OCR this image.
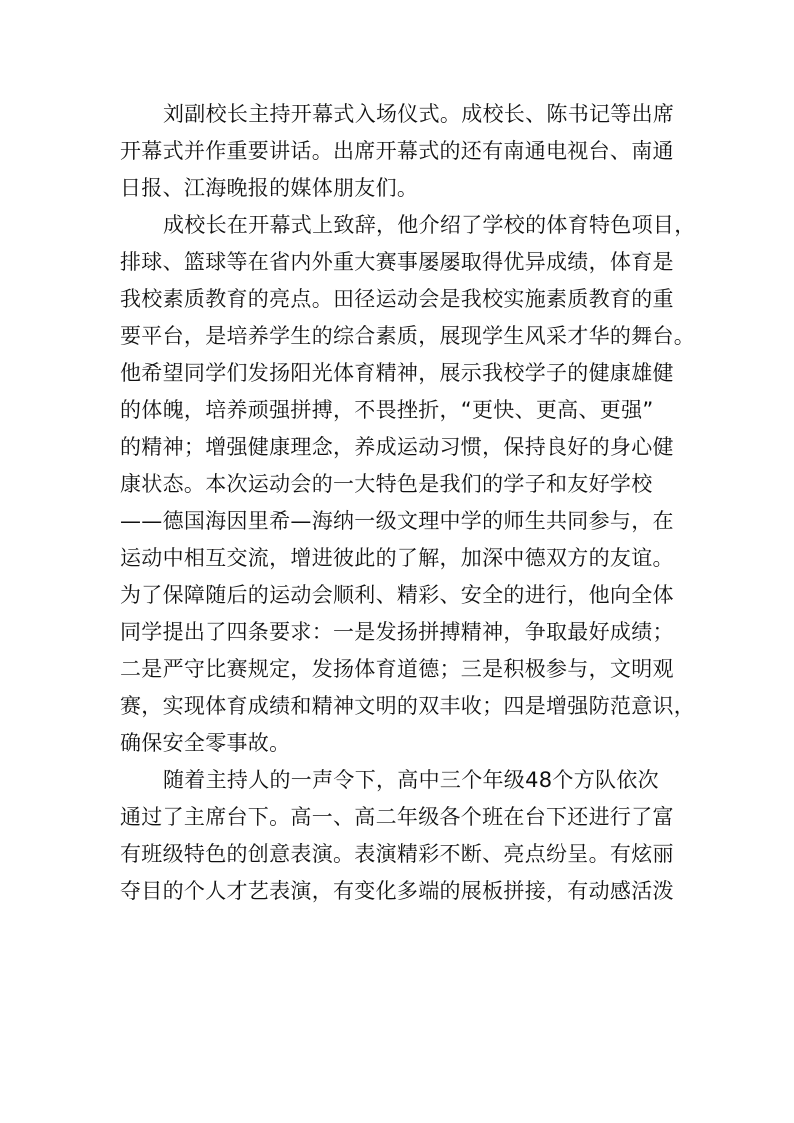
刘副校长主持开幕式入场仪式。成校长、陈书记等出席
开幕式并作重要讲话。出席开幕式的还有南通电视台、南通
日报、江海晚报的媒体朋友们。
成校长在开幕式上致辞，他介绍了学校的体育特色项目，
排球、篮球等在省内外重大赛事屡屡取得优异成绩，体育是
我校素质教育的亮点。田径运动会是我校实施素质教育的重
要平台，是培养学生的综合素质，展现学生风采才华的舞台。
他希望同学们发扬阳光体育精神，展示我校学子的健康雄健
的体魄，培养顽强拼搏，不畏挫折，“更快、更高、更强”
的精神；增强健康理念，养成运动习惯，保持良好的身心健
康状态。本次运动会的一大特色是我们的学子和友好学校
——德国海因里希—海纳一级文理中学的师生共同参与，在
运动中相互交流，增进彼此的了解，加深中德双方的友谊。
为了保障随后的运动会顺利、精彩、安全的进行，他向全体
同学提出了四条要求：一是发扬拼搏精神，争取最好成绩；
二是严守比赛规定，发扬体育道德；三是积极参与，文明观
赛，实现体育成绩和精神文明的双丰收；四是增强防范意识，
确保安全零事故。
随着主持人的一声令下，高中三个年级48个方队依次
通过了主席台下。高一、高二年级各个班在台下还进行了富
有班级特色的创意表演。表演精彩不断、亮点纷呈。有炫丽
夺目的个人才艺表演，有变化多端的展板拼接，有动感活泼
